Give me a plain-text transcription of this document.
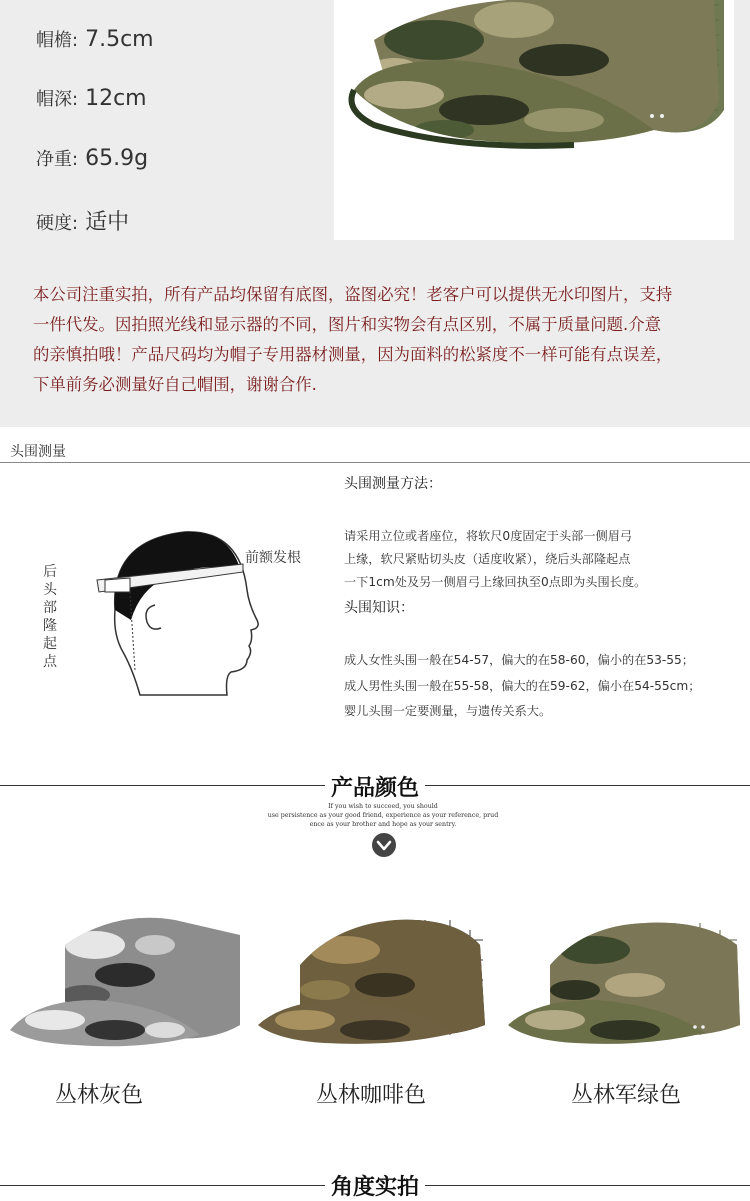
帽檐: 7.5cm
帽深: 12cm
净重: 65.9g
硬度: 适中
本公司注重实拍，所有产品均保留有底图，盗图必究！老客户可以提供无水印图片，支持
一件代发。因拍照光线和显示器的不同，图片和实物会有点区别，不属于质量问题.介意
的亲慎拍哦！产品尺码均为帽子专用器材测量，因为面料的松紧度不一样可能有点误差，
下单前务必测量好自己帽围，谢谢合作.
头围测量
前额发根
后
头
部
隆
起
点
头围测量方法：
请采用立位或者座位，将软尺0度固定于头部一侧眉弓
上缘，软尺紧贴切头皮（适度收紧），绕后头部隆起点
一下1cm处及另一侧眉弓上缘回执至0点即为头围长度。
头围知识：
成人女性头围一般在54-57，偏大的在58-60，偏小的在53-55；
成人男性头围一般在55-58，偏大的在59-62，偏小在54-55cm；
婴儿头围一定要测量，与遗传关系大。
产品颜色
If you wish to succeed, you should
use persistence as your good friend, experience as your reference, prud
ence as your brother and hope as your sentry.
丛林灰色	丛林咖啡色	丛林军绿色
角度实拍
